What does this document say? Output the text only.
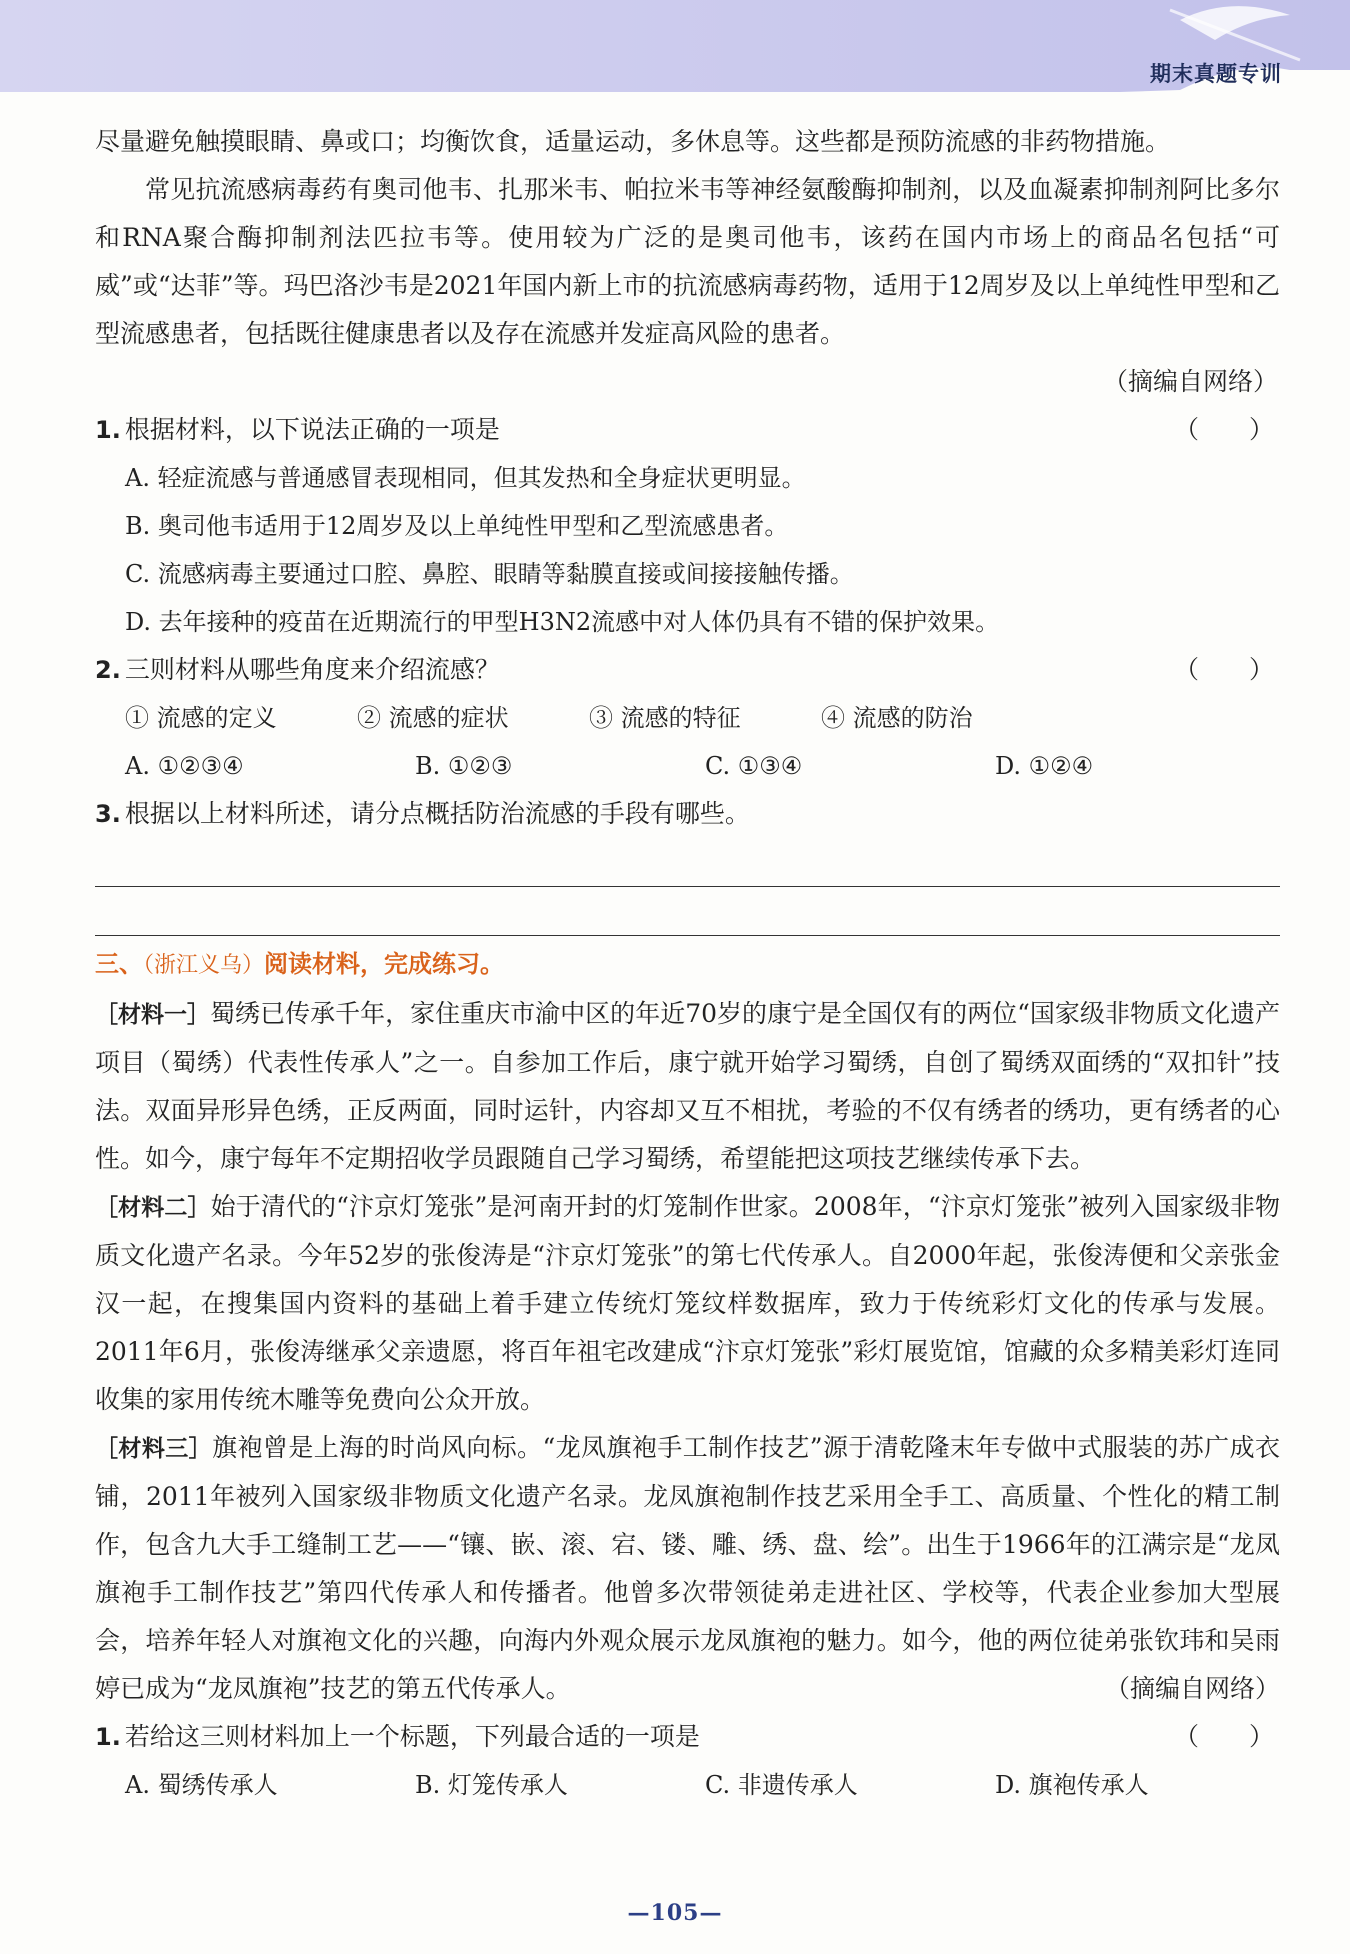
期末真题专训

尽量避免触摸眼睛、鼻或口；均衡饮食，适量运动，多休息等。这些都是预防流感的非药物措施。

常见抗流感病毒药有奥司他韦、扎那米韦、帕拉米韦等神经氨酸酶抑制剂，以及血凝素抑制剂阿比多尔和RNA聚合酶抑制剂法匹拉韦等。使用较为广泛的是奥司他韦，该药在国内市场上的商品名包括“可威”或“达菲”等。玛巴洛沙韦是2021年国内新上市的抗流感病毒药物，适用于12周岁及以上单纯性甲型和乙型流感患者，包括既往健康患者以及存在流感并发症高风险的患者。

（摘编自网络）

1. 根据材料，以下说法正确的一项是	（　　）
A. 轻症流感与普通感冒表现相同，但其发热和全身症状更明显。
B. 奥司他韦适用于12周岁及以上单纯性甲型和乙型流感患者。
C. 流感病毒主要通过口腔、鼻腔、眼睛等黏膜直接或间接接触传播。
D. 去年接种的疫苗在近期流行的甲型H3N2流感中对人体仍具有不错的保护效果。
2. 三则材料从哪些角度来介绍流感？	（　　）
① 流感的定义	② 流感的症状	③ 流感的特征	④ 流感的防治
A. ①②③④	B. ①②③	C. ①③④	D. ①②④
3. 根据以上材料所述，请分点概括防治流感的手段有哪些。
三、（浙江义乌）阅读材料，完成练习。

［材料一］蜀绣已传承千年，家住重庆市渝中区的年近70岁的康宁是全国仅有的两位“国家级非物质文化遗产项目（蜀绣）代表性传承人”之一。自参加工作后，康宁就开始学习蜀绣，自创了蜀绣双面绣的“双扣针”技法。双面异形异色绣，正反两面，同时运针，内容却又互不相扰，考验的不仅有绣者的绣功，更有绣者的心性。如今，康宁每年不定期招收学员跟随自己学习蜀绣，希望能把这项技艺继续传承下去。

［材料二］始于清代的“汴京灯笼张”是河南开封的灯笼制作世家。2008年，“汴京灯笼张”被列入国家级非物质文化遗产名录。今年52岁的张俊涛是“汴京灯笼张”的第七代传承人。自2000年起，张俊涛便和父亲张金汉一起，在搜集国内资料的基础上着手建立传统灯笼纹样数据库，致力于传统彩灯文化的传承与发展。2011年6月，张俊涛继承父亲遗愿，将百年祖宅改建成“汴京灯笼张”彩灯展览馆，馆藏的众多精美彩灯连同收集的家用传统木雕等免费向公众开放。

［材料三］旗袍曾是上海的时尚风向标。“龙凤旗袍手工制作技艺”源于清乾隆末年专做中式服装的苏广成衣铺，2011年被列入国家级非物质文化遗产名录。龙凤旗袍制作技艺采用全手工、高质量、个性化的精工制作，包含九大手工缝制工艺——“镶、嵌、滚、宕、镂、雕、绣、盘、绘”。出生于1966年的江满宗是“龙凤旗袍手工制作技艺”第四代传承人和传播者。他曾多次带领徒弟走进社区、学校等，代表企业参加大型展会，培养年轻人对旗袍文化的兴趣，向海内外观众展示龙凤旗袍的魅力。如今，他的两位徒弟张钦玮和吴雨婷已成为“龙凤旗袍”技艺的第五代传承人。	（摘编自网络）

1. 若给这三则材料加上一个标题，下列最合适的一项是	（　　）
A. 蜀绣传承人	B. 灯笼传承人	C. 非遗传承人	D. 旗袍传承人
—105—
